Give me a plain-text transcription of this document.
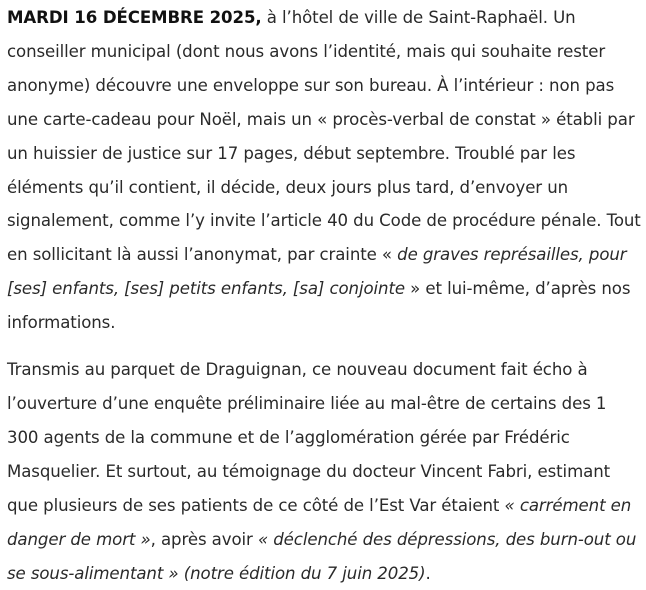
MARDI 16 DÉCEMBRE 2025, à l’hôtel de ville de Saint-Raphaël. Un conseiller municipal (dont nous avons l’identité, mais qui souhaite rester anonyme) découvre une enveloppe sur son bureau. À l’intérieur : non pas une carte-cadeau pour Noël, mais un « procès-verbal de constat » établi par un huissier de justice sur 17 pages, début septembre. Troublé par les éléments qu’il contient, il décide, deux jours plus tard, d’envoyer un signalement, comme l’y invite l’article 40 du Code de procédure pénale. Tout en sollicitant là aussi l’anonymat, par crainte « de graves représailles, pour [ses] enfants, [ses] petits enfants, [sa] conjointe » et lui-même, d’après nos informations.

Transmis au parquet de Draguignan, ce nouveau document fait écho à l’ouverture d’une enquête préliminaire liée au mal-être de certains des 1 300 agents de la commune et de l’agglomération gérée par Frédéric Masquelier. Et surtout, au témoignage du docteur Vincent Fabri, estimant que plusieurs de ses patients de ce côté de l’Est Var étaient « carrément en danger de mort », après avoir « déclenché des dépressions, des burn-out ou se sous-alimentant » (notre édition du 7 juin 2025).
